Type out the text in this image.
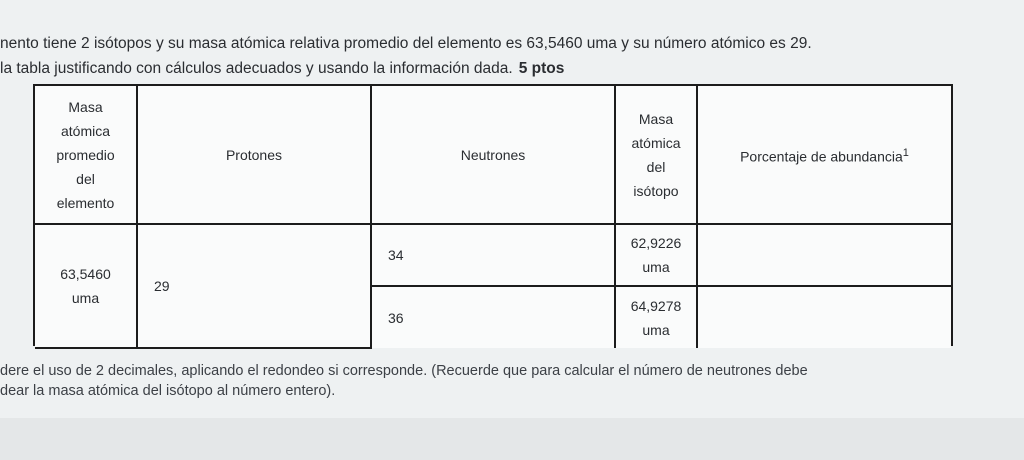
nento tiene 2 isótopos y su masa atómica relativa promedio del elemento es 63,5460 uma y su número atómico es 29.
la tabla justificando con cálculos adecuados y usando la información dada. 5 ptos
Masa
atómica
promedio
del
elemento	Protones	Neutrones	Masa
atómica
del
isótopo	Porcentaje de abundancia$^1$

63,5460
uma	29	34	62,9226
uma	

		36	64,9278
uma	

dere el uso de 2 decimales, aplicando el redondeo si corresponde. (Recuerde que para calcular el número de neutrones debe
dear la masa atómica del isótopo al número entero).
